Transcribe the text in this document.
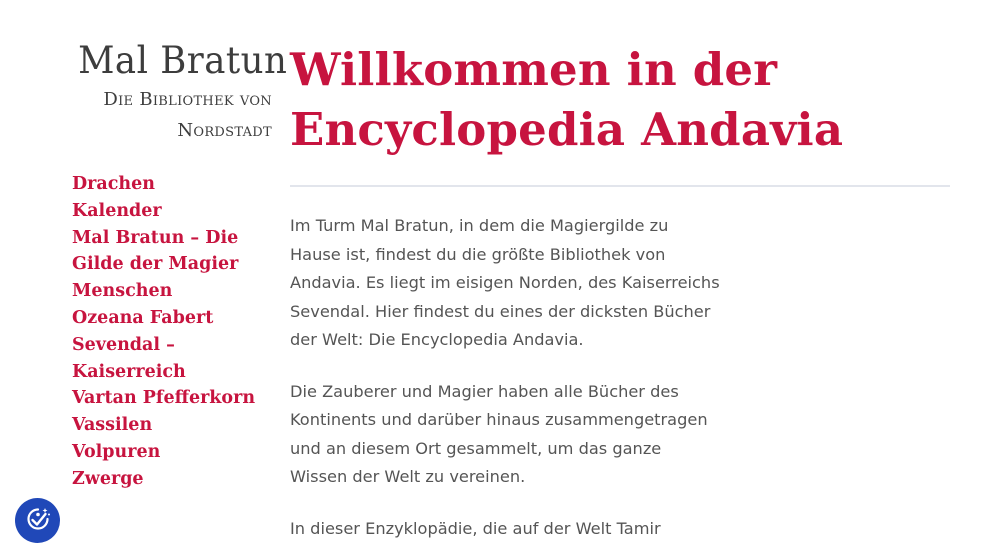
Mal Bratun
Die Bibliothek von
Nordstadt
Drachen
Kalender
Mal Bratun – Die Gilde der Magier
Menschen
Ozeana Fabert
Sevendal – Kaiserreich
Vartan Pfefferkorn
Vassilen
Volpuren
Zwerge
Willkommen in der Encyclopedia Andavia

Im Turm Mal Bratun, in dem die Magiergilde zu Hause ist, findest du die größte Bibliothek von Andavia. Es liegt im eisigen Norden, des Kaiserreichs Sevendal. Hier findest du eines der dicksten Bücher der Welt: Die Encyclopedia Andavia.

Die Zauberer und Magier haben alle Bücher des Kontinents und darüber hinaus zusammengetragen und an diesem Ort gesammelt, um das ganze Wissen der Welt zu vereinen.

In dieser Enzyklopädie, die auf der Welt Tamir
